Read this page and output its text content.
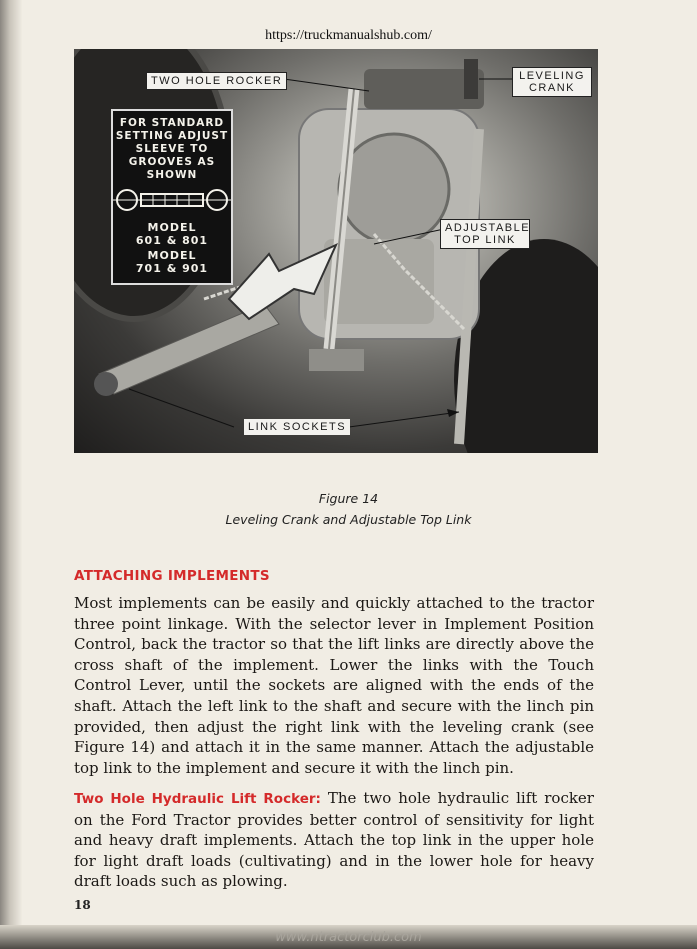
https://truckmanualshub.com/
TWO HOLE ROCKER	LEVELING
CRANK
ADJUSTABLE
TOP LINK
LINK SOCKETS
FOR STANDARD
SETTING ADJUST
SLEEVE TO
GROOVES AS
SHOWN
MODEL
601 & 801
MODEL
701 & 901
Figure 14
Leveling Crank and Adjustable Top Link
ATTACHING IMPLEMENTS
Most implements can be easily and quickly attached to the tractor three point linkage. With the selector lever in Implement Position Control, back the tractor so that the lift links are directly above the cross shaft of the implement. Lower the links with the Touch Control Lever, until the sockets are aligned with the ends of the shaft. Attach the left link to the shaft and secure with the linch pin provided, then adjust the right link with the leveling crank (see Figure 14) and attach it in the same manner. Attach the adjustable top link to the implement and secure it with the linch pin.
Two Hole Hydraulic Lift Rocker: The two hole hydraulic lift rocker on the Ford Tractor provides better control of sensitivity for light and heavy draft implements. Attach the top link in the upper hole for light draft loads (cultivating) and in the lower hole for heavy draft loads such as plowing.
18
www.ntractorclub.com
